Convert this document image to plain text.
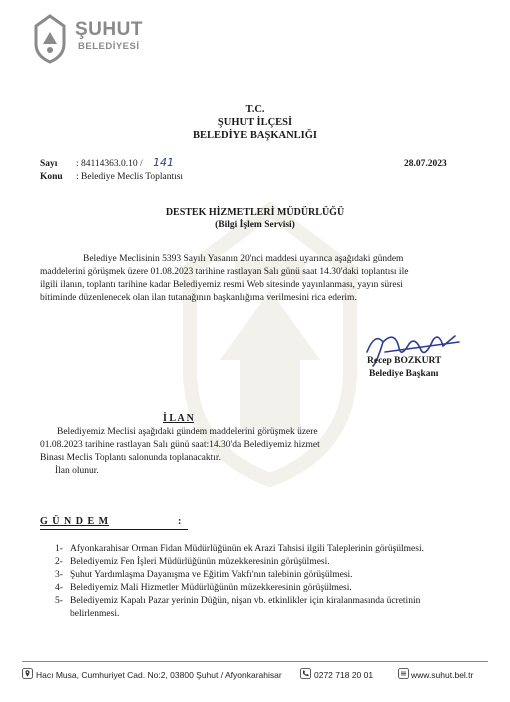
ŞUHUT
BELEDİYESİ
T.C.
ŞUHUT İLÇESİ
BELEDİYE BAŞKANLIĞI
Sayı : 84114363.0.10 / 141	28.07.2023
Konu : Belediye Meclis Toplantısı
DESTEK HİZMETLERİ MÜDÜRLÜĞÜ
(Bilgi İşlem Servisi)
Belediye Meclisinin 5393 Sayılı Yasanın 20'nci maddesi uyarınca aşağıdaki gündem
maddelerini görüşmek üzere 01.08.2023 tarihine rastlayan Salı günü saat 14.30'daki toplantısı ile
ilgili ilanın, toplantı tarihine kadar Belediyemiz resmi Web sitesinde yayınlanması, yayın süresi
bitiminde düzenlenecek olan ilan tutanağının başkanlığıma verilmesini rica ederim.
Recep BOZKURT
Belediye Başkanı
İ L A N
Belediyemiz Meclisi aşağıdaki gündem maddelerini görüşmek üzere
01.08.2023 tarihine rastlayan Salı günü saat:14.30'da Belediyemiz hizmet
Binası Meclis Toplantı salonunda toplanacaktır.
İlan olunur.
G Ü N D E M	:
1- Afyonkarahisar Orman Fidan Müdürlüğünün ek Arazi Tahsisi ilgili Taleplerinin görüşülmesi.
2- Belediyemiz Fen İşleri Müdürlüğünün müzekkeresinin görüşülmesi.
3- Şuhut Yardımlaşma Dayanışma ve Eğitim Vakfı'nın talebinin görüşülmesi.
4- Belediyemiz Mali Hizmetler Müdürlüğünün müzekkeresinin görüşülmesi.
5- Belediyemiz Kapalı Pazar yerinin Düğün, nişan vb. etkinlikler için kiralanmasında ücretinin
belirlenmesi.
Hacı Musa, Cumhuriyet Cad. No:2, 03800 Şuhut / Afyonkarahisar	0272 718 20 01	www.suhut.bel.tr
